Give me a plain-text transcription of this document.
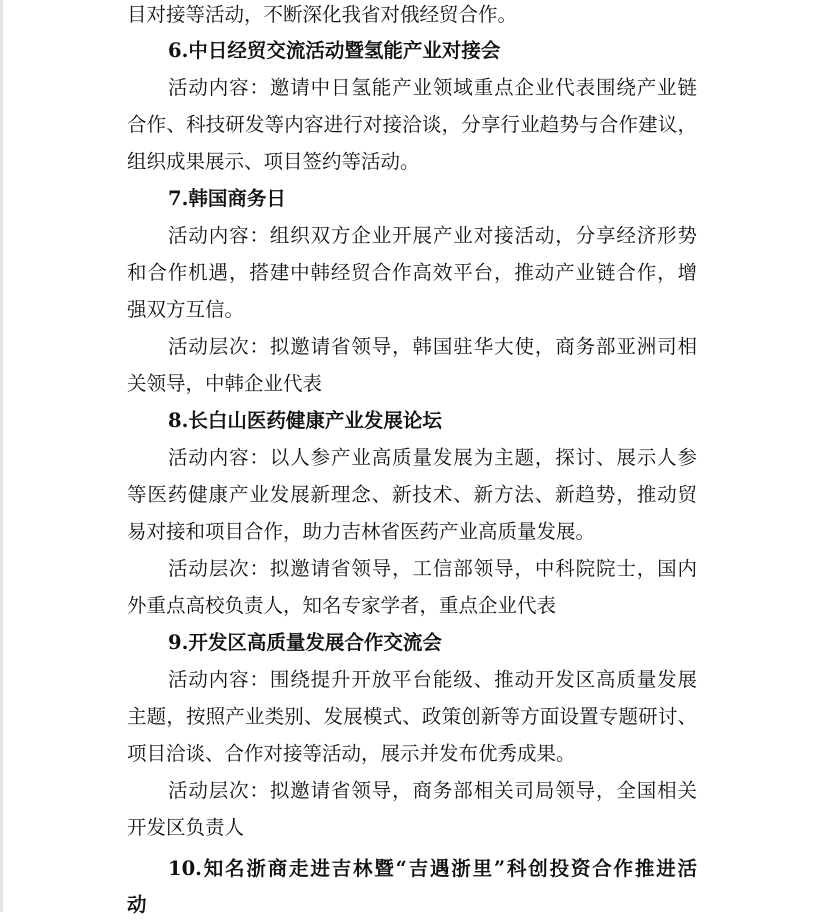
目对接等活动，不断深化我省对俄经贸合作。
6.中日经贸交流活动暨氢能产业对接会
活动内容：邀请中日氢能产业领域重点企业代表围绕产业链
合作、科技研发等内容进行对接洽谈，分享行业趋势与合作建议，
组织成果展示、项目签约等活动。
7.韩国商务日
活动内容：组织双方企业开展产业对接活动，分享经济形势
和合作机遇，搭建中韩经贸合作高效平台，推动产业链合作，增
强双方互信。
活动层次：拟邀请省领导，韩国驻华大使，商务部亚洲司相
关领导，中韩企业代表
8.长白山医药健康产业发展论坛
活动内容：以人参产业高质量发展为主题，探讨、展示人参
等医药健康产业发展新理念、新技术、新方法、新趋势，推动贸
易对接和项目合作，助力吉林省医药产业高质量发展。
活动层次：拟邀请省领导，工信部领导，中科院院士，国内
外重点高校负责人，知名专家学者，重点企业代表
9.开发区高质量发展合作交流会
活动内容：围绕提升开放平台能级、推动开发区高质量发展
主题，按照产业类别、发展模式、政策创新等方面设置专题研讨、
项目洽谈、合作对接等活动，展示并发布优秀成果。
活动层次：拟邀请省领导，商务部相关司局领导，全国相关
开发区负责人
10.知名浙商走进吉林暨“吉遇浙里”科创投资合作推进活
动
